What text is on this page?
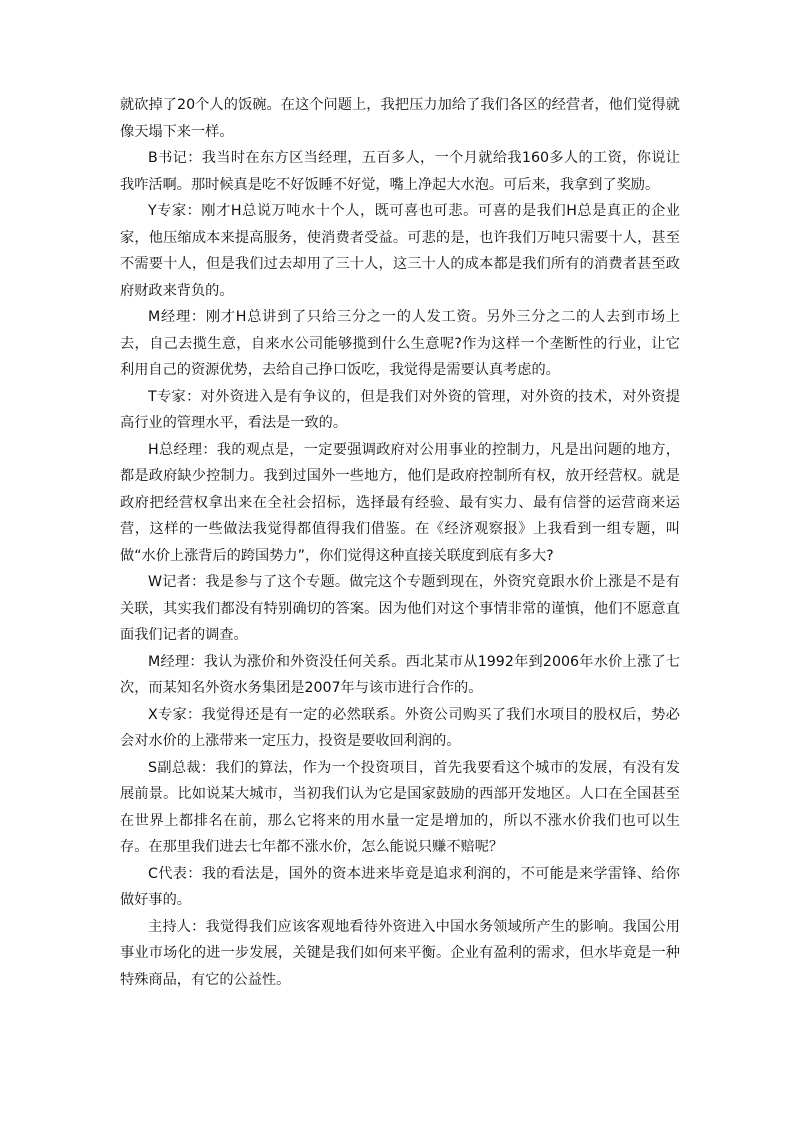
就砍掉了20个人的饭碗。在这个问题上，我把压力加给了我们各区的经营者，他们觉得就像天塌下来一样。

B书记：我当时在东方区当经理，五百多人，一个月就给我160多人的工资，你说让我咋活啊。那时候真是吃不好饭睡不好觉，嘴上净起大水泡。可后来，我拿到了奖励。

Y专家：刚才H总说万吨水十个人，既可喜也可悲。可喜的是我们H总是真正的企业家，他压缩成本来提高服务，使消费者受益。可悲的是，也许我们万吨只需要十人，甚至不需要十人，但是我们过去却用了三十人，这三十人的成本都是我们所有的消费者甚至政府财政来背负的。

M经理：刚才H总讲到了只给三分之一的人发工资。另外三分之二的人去到市场上去，自己去揽生意，自来水公司能够揽到什么生意呢?作为这样一个垄断性的行业，让它利用自己的资源优势，去给自己挣口饭吃，我觉得是需要认真考虑的。

T专家：对外资进入是有争议的，但是我们对外资的管理，对外资的技术，对外资提高行业的管理水平，看法是一致的。

H总经理：我的观点是，一定要强调政府对公用事业的控制力，凡是出问题的地方，都是政府缺少控制力。我到过国外一些地方，他们是政府控制所有权，放开经营权。就是政府把经营权拿出来在全社会招标，选择最有经验、最有实力、最有信誉的运营商来运营，这样的一些做法我觉得都值得我们借鉴。在《经济观察报》上我看到一组专题，叫做“水价上涨背后的跨国势力”，你们觉得这种直接关联度到底有多大?

W记者：我是参与了这个专题。做完这个专题到现在，外资究竟跟水价上涨是不是有关联，其实我们都没有特别确切的答案。因为他们对这个事情非常的谨慎，他们不愿意直面我们记者的调查。

M经理：我认为涨价和外资没任何关系。西北某市从1992年到2006年水价上涨了七次，而某知名外资水务集团是2007年与该市进行合作的。

X专家：我觉得还是有一定的必然联系。外资公司购买了我们水项目的股权后，势必会对水价的上涨带来一定压力，投资是要收回利润的。

S副总裁：我们的算法，作为一个投资项目，首先我要看这个城市的发展，有没有发展前景。比如说某大城市，当初我们认为它是国家鼓励的西部开发地区。人口在全国甚至在世界上都排名在前，那么它将来的用水量一定是增加的，所以不涨水价我们也可以生存。在那里我们进去七年都不涨水价，怎么能说只赚不赔呢？

C代表：我的看法是，国外的资本进来毕竟是追求利润的，不可能是来学雷锋、给你做好事的。

主持人：我觉得我们应该客观地看待外资进入中国水务领域所产生的影响。我国公用事业市场化的进一步发展，关键是我们如何来平衡。企业有盈利的需求，但水毕竟是一种特殊商品，有它的公益性。
